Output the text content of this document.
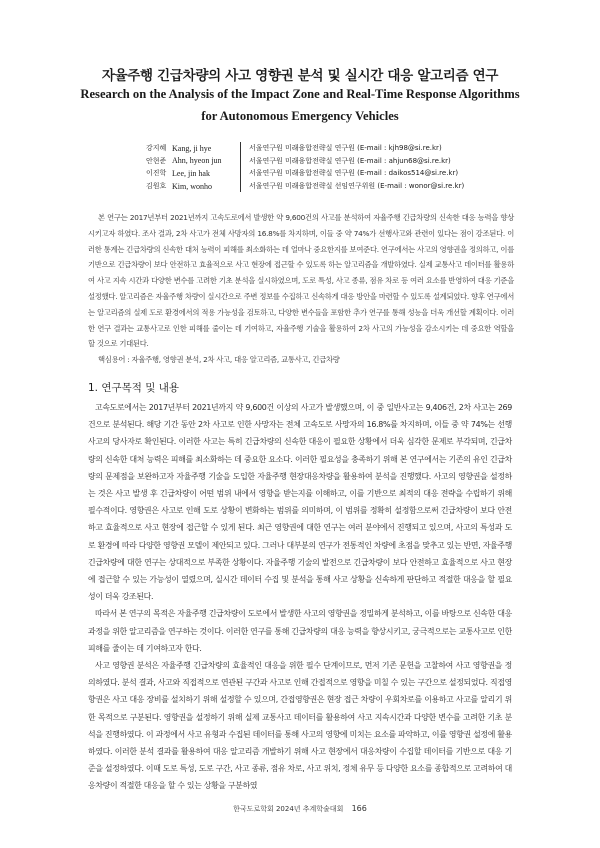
자율주행 긴급차량의 사고 영향권 분석 및 실시간 대응 알고리즘 연구
Research on the Analysis of the Impact Zone and Real-Time Response Algorithms
for Autonomous Emergency Vehicles
강지혜 Kang, ji hye	서울연구원 미래융합전략실 연구원 (E-mail : kjh98@si.re.kr)
안현준 Ahn, hyeon jun	서울연구원 미래융합전략실 연구원 (E-mail : ahjun68@si.re.kr)
이진학 Lee, jin hak	서울연구원 미래융합전략실 연구원 (E-mail : daikos514@si.re.kr)
김원호 Kim, wonho	서울연구원 미래융합전략실 선임연구위원 (E-mail : wonor@si.re.kr)

본 연구는 2017년부터 2021년까지 고속도로에서 발생한 약 9,600건의 사고를 분석하여 자율주행 긴급차량의 신속한 대응 능력을 향상시키고자 하였다. 조사 결과, 2차 사고가 전체 사망자의 16.8%를 차지하며, 이들 중 약 74%가 선행사고와 관련이 있다는 점이 강조된다. 이러한 통계는 긴급차량의 신속한 대처 능력이 피해를 최소화하는 데 얼마나 중요한지를 보여준다. 연구에서는 사고의 영향권을 정의하고, 이를 기반으로 긴급차량이 보다 안전하고 효율적으로 사고 현장에 접근할 수 있도록 하는 알고리즘을 개발하였다. 실제 교통사고 데이터를 활용하여 사고 지속 시간과 다양한 변수를 고려한 기초 분석을 실시하였으며, 도로 특성, 사고 종류, 점유 차로 등 여러 요소를 반영하여 대응 기준을 설정했다. 알고리즘은 자율주행 차량이 실시간으로 주변 정보를 수집하고 신속하게 대응 방안을 마련할 수 있도록 설계되었다. 향후 연구에서는 알고리즘의 실제 도로 환경에서의 적용 가능성을 검토하고, 다양한 변수들을 포함한 추가 연구를 통해 성능을 더욱 개선할 계획이다. 이러한 연구 결과는 교통사고로 인한 피해를 줄이는 데 기여하고, 자율주행 기술을 활용하여 2차 사고의 가능성을 감소시키는 데 중요한 역할을 할 것으로 기대된다.

핵심용어 : 자율주행, 영향권 분석, 2차 사고, 대응 알고리즘, 교통사고, 긴급차량

1. 연구목적 및 내용

고속도로에서는 2017년부터 2021년까지 약 9,600건 이상의 사고가 발생했으며, 이 중 일반사고는 9,406건, 2차 사고는 269건으로 분석된다. 해당 기간 동안 2차 사고로 인한 사망자는 전체 고속도로 사망자의 16.8%를 차지하며, 이들 중 약 74%는 선행사고의 당사자로 확인된다. 이러한 사고는 특히 긴급차량의 신속한 대응이 필요한 상황에서 더욱 심각한 문제로 부각되며, 긴급차량의 신속한 대처 능력은 피해를 최소화하는 데 중요한 요소다. 이러한 필요성을 충족하기 위해 본 연구에서는 기존의 유인 긴급차량의 문제점을 보완하고자 자율주행 기술을 도입한 자율주행 현장대응차량을 활용하여 분석을 진행했다. 사고의 영향권을 설정하는 것은 사고 발생 후 긴급차량이 어떤 범위 내에서 영향을 받는지를 이해하고, 이를 기반으로 최적의 대응 전략을 수립하기 위해 필수적이다. 영향권은 사고로 인해 도로 상황이 변화하는 범위를 의미하며, 이 범위를 정확히 설정함으로써 긴급차량이 보다 안전하고 효율적으로 사고 현장에 접근할 수 있게 된다. 최근 영향권에 대한 연구는 여러 분야에서 진행되고 있으며, 사고의 특성과 도로 환경에 따라 다양한 영향권 모델이 제안되고 있다. 그러나 대부분의 연구가 전통적인 차량에 초점을 맞추고 있는 반면, 자율주행 긴급차량에 대한 연구는 상대적으로 부족한 상황이다. 자율주행 기술의 발전으로 긴급차량이 보다 안전하고 효율적으로 사고 현장에 접근할 수 있는 가능성이 열렸으며, 실시간 데이터 수집 및 분석을 통해 사고 상황을 신속하게 판단하고 적절한 대응을 할 필요성이 더욱 강조된다.

따라서 본 연구의 목적은 자율주행 긴급차량이 도로에서 발생한 사고의 영향권을 정밀하게 분석하고, 이를 바탕으로 신속한 대응 과정을 위한 알고리즘을 연구하는 것이다. 이러한 연구를 통해 긴급차량의 대응 능력을 향상시키고, 궁극적으로는 교통사고로 인한 피해를 줄이는 데 기여하고자 한다.

사고 영향권 분석은 자율주행 긴급차량의 효율적인 대응을 위한 필수 단계이므로, 먼저 기존 문헌을 고찰하여 사고 영향권을 정의하였다. 분석 결과, 사고와 직접적으로 연관된 구간과 사고로 인해 간접적으로 영향을 미칠 수 있는 구간으로 설정되었다. 직접영향권은 사고 대응 장비를 설치하기 위해 설정할 수 있으며, 간접영향권은 현장 접근 차량이 우회차로를 이용하고 사고를 알리기 위한 목적으로 구분된다. 영향권을 설정하기 위해 실제 교통사고 데이터를 활용하여 사고 지속시간과 다양한 변수를 고려한 기초 분석을 진행하였다. 이 과정에서 사고 유형과 수집된 데이터를 통해 사고의 영향에 미치는 요소를 파악하고, 이를 영향권 설정에 활용하였다. 이러한 분석 결과를 활용하여 대응 알고리즘 개발하기 위해 사고 현장에서 대응차량이 수집할 데이터를 기반으로 대응 기준을 설정하였다. 이때 도로 특성, 도로 구간, 사고 종류, 점유 차로, 사고 위치, 정체 유무 등 다양한 요소를 종합적으로 고려하여 대응차량이 적절한 대응을 할 수 있는 상황을 구분하였

한국도로학회 2024년 추계학술대회 166
